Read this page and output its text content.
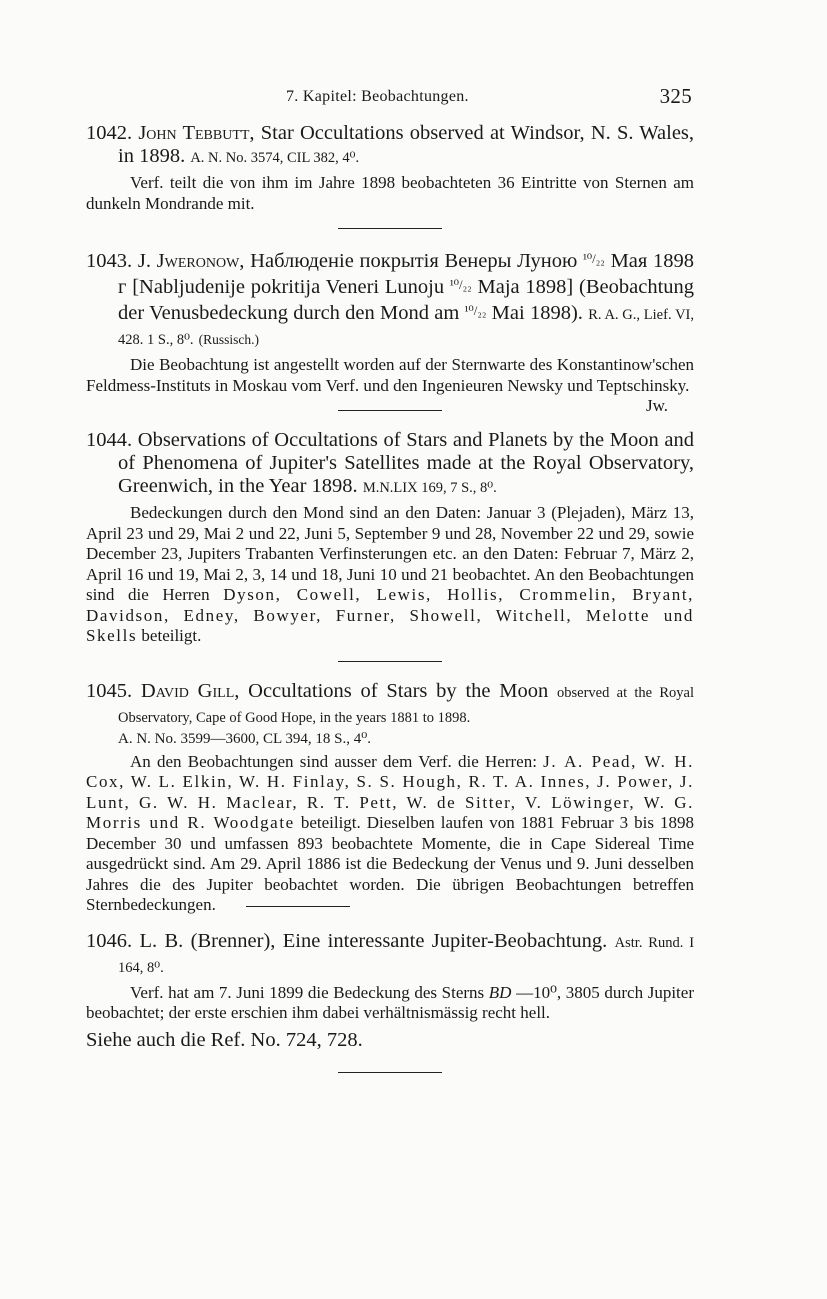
7. Kapitel: Beobachtungen.	325

1042. John Tebbutt, Star Occultations observed at Windsor, N. S. Wales, in 1898. A. N. No. 3574, CIL 382, 4⁰.

Verf. teilt die von ihm im Jahre 1898 beobachteten 36 Eintritte von Sternen am dunkeln Mondrande mit.

1043. J. Jweronow, Наблюденіе покрытія Венеры Луною ¹⁰/₂₂ Мая 1898 г [Nabljudenije pokritija Veneri Lunoju ¹⁰/₂₂ Maja 1898] (Beobachtung der Venusbedeckung durch den Mond am ¹⁰/₂₂ Mai 1898). R. A. G., Lief. VI, 428. 1 S., 8⁰. (Russisch.)

Die Beobachtung ist angestellt worden auf der Sternwarte des Konstantinow'schen Feldmess-Instituts in Moskau vom Verf. und den Ingenieuren Newsky und Teptschinsky.
Jw.

1044. Observations of Occultations of Stars and Planets by the Moon and of Phenomena of Jupiter's Satellites made at the Royal Observatory, Greenwich, in the Year 1898. M.N.LIX 169, 7 S., 8⁰.

Bedeckungen durch den Mond sind an den Daten: Januar 3 (Plejaden), März 13, April 23 und 29, Mai 2 und 22, Juni 5, September 9 und 28, November 22 und 29, sowie December 23, Jupiters Trabanten Verfinsterungen etc. an den Daten: Februar 7, März 2, April 16 und 19, Mai 2, 3, 14 und 18, Juni 10 und 21 beobachtet. An den Beobachtungen sind die Herren Dyson, Cowell, Lewis, Hollis, Crommelin, Bryant, Davidson, Edney, Bowyer, Furner, Showell, Witchell, Melotte und Skells beteiligt.

1045. David Gill, Occultations of Stars by the Moon observed at the Royal Observatory, Cape of Good Hope, in the years 1881 to 1898.
A. N. No. 3599—3600, CL 394, 18 S., 4⁰.

An den Beobachtungen sind ausser dem Verf. die Herren: J. A. Pead, W. H. Cox, W. L. Elkin, W. H. Finlay, S. S. Hough, R. T. A. Innes, J. Power, J. Lunt, G. W. H. Maclear, R. T. Pett, W. de Sitter, V. Löwinger, W. G. Morris und R. Woodgate beteiligt. Dieselben laufen von 1881 Februar 3 bis 1898 December 30 und umfassen 893 beobachtete Momente, die in Cape Sidereal Time ausgedrückt sind. Am 29. April 1886 ist die Bedeckung der Venus und 9. Juni desselben Jahres die des Jupiter beobachtet worden. Die übrigen Beobachtungen betreffen Sternbedeckungen.

1046. L. B. (Brenner), Eine interessante Jupiter-Beobachtung. Astr. Rund. I 164, 8⁰.

Verf. hat am 7. Juni 1899 die Bedeckung des Sterns BD —10⁰, 3805 durch Jupiter beobachtet; der erste erschien ihm dabei verhältnismässig recht hell.

Siehe auch die Ref. No. 724, 728.
